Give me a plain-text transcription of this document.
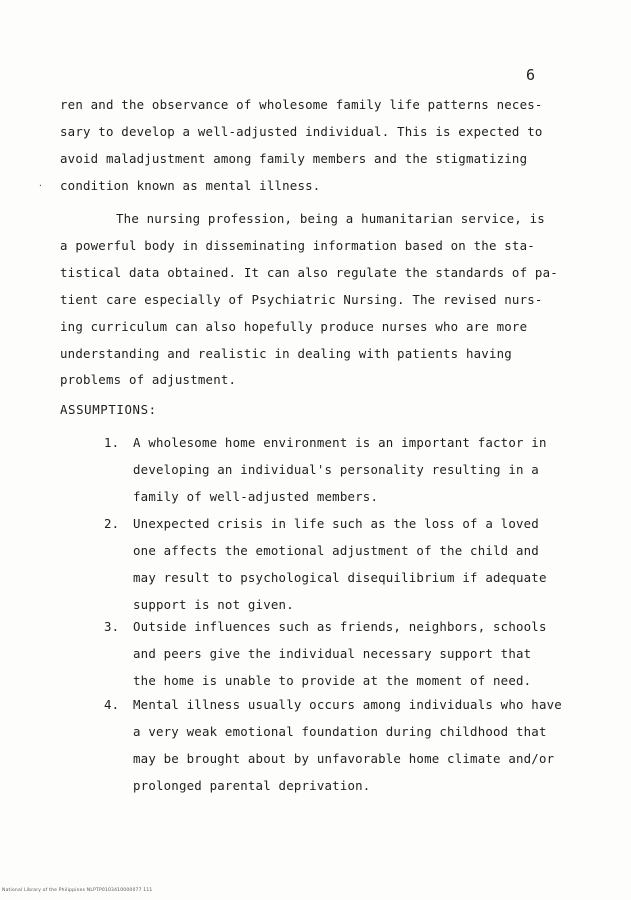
6
ren and the observance of wholesome family life patterns neces-
sary to develop a well-adjusted individual. This is expected to
avoid maladjustment among family members and the stigmatizing
condition known as mental illness.
·
The nursing profession, being a humanitarian service, is
a powerful body in disseminating information based on the sta-
tistical data obtained. It can also regulate the standards of pa-
tient care especially of Psychiatric Nursing. The revised nurs-
ing curriculum can also hopefully produce nurses who are more
understanding and realistic in dealing with patients having
problems of adjustment.
ASSUMPTIONS:
1. A wholesome home environment is an important factor in
developing an individual's personality resulting in a
family of well-adjusted members.
2. Unexpected crisis in life such as the loss of a loved
one affects the emotional adjustment of the child and
may result to psychological disequilibrium if adequate
support is not given.
3. Outside influences such as friends, neighbors, schools
and peers give the individual necessary support that
the home is unable to provide at the moment of need.
4. Mental illness usually occurs among individuals who have
a very weak emotional foundation during childhood that
may be brought about by unfavorable home climate and/or
prolonged parental deprivation.
National Library of the Philippines NLPTP0103410000077 111
